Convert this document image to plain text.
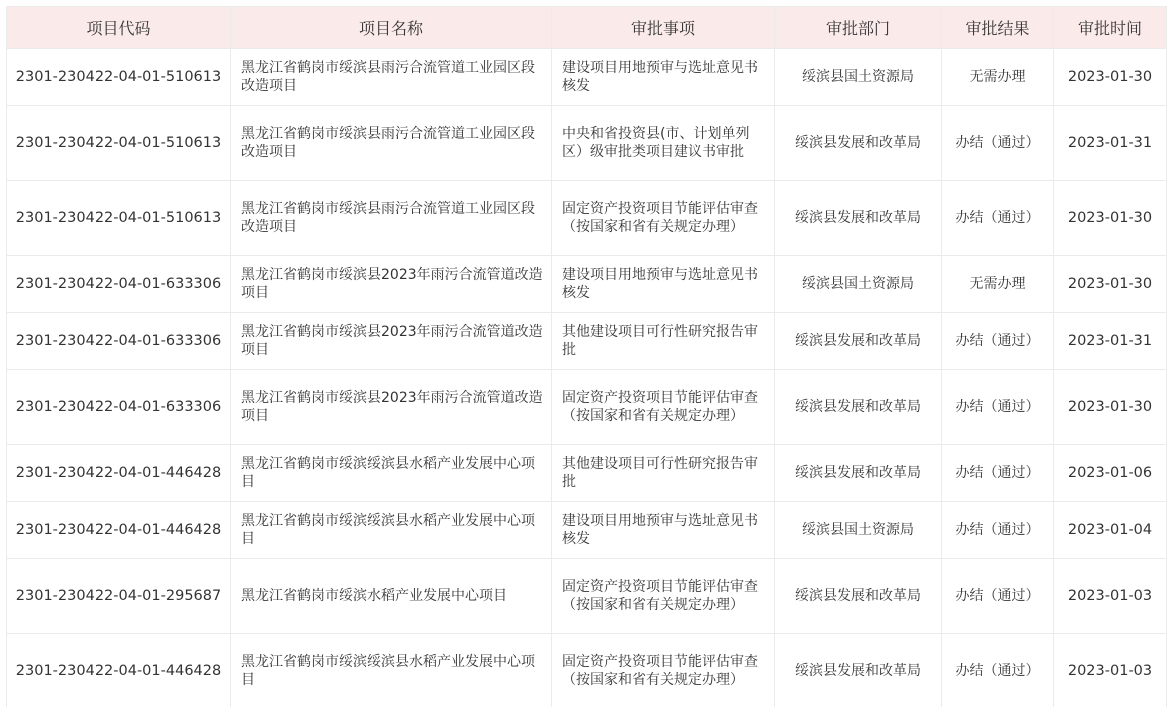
项目代码	项目名称	审批事项	审批部门	审批结果	审批时间
2301-230422-04-01-510613	黑龙江省鹤岗市绥滨县雨污合流管道工业园区段改造项目	建设项目用地预审与选址意见书核发	绥滨县国土资源局	无需办理	2023-01-30
2301-230422-04-01-510613	黑龙江省鹤岗市绥滨县雨污合流管道工业园区段改造项目	中央和省投资县(市、计划单列区）级审批类项目建议书审批	绥滨县发展和改革局	办结（通过）	2023-01-31
2301-230422-04-01-510613	黑龙江省鹤岗市绥滨县雨污合流管道工业园区段改造项目	固定资产投资项目节能评估审查（按国家和省有关规定办理）	绥滨县发展和改革局	办结（通过）	2023-01-30
2301-230422-04-01-633306	黑龙江省鹤岗市绥滨县2023年雨污合流管道改造项目	建设项目用地预审与选址意见书核发	绥滨县国土资源局	无需办理	2023-01-30
2301-230422-04-01-633306	黑龙江省鹤岗市绥滨县2023年雨污合流管道改造项目	其他建设项目可行性研究报告审批	绥滨县发展和改革局	办结（通过）	2023-01-31
2301-230422-04-01-633306	黑龙江省鹤岗市绥滨县2023年雨污合流管道改造项目	固定资产投资项目节能评估审查（按国家和省有关规定办理）	绥滨县发展和改革局	办结（通过）	2023-01-30
2301-230422-04-01-446428	黑龙江省鹤岗市绥滨绥滨县水稻产业发展中心项目	其他建设项目可行性研究报告审批	绥滨县发展和改革局	办结（通过）	2023-01-06
2301-230422-04-01-446428	黑龙江省鹤岗市绥滨绥滨县水稻产业发展中心项目	建设项目用地预审与选址意见书核发	绥滨县国土资源局	办结（通过）	2023-01-04
2301-230422-04-01-295687	黑龙江省鹤岗市绥滨水稻产业发展中心项目	固定资产投资项目节能评估审查（按国家和省有关规定办理）	绥滨县发展和改革局	办结（通过）	2023-01-03
2301-230422-04-01-446428	黑龙江省鹤岗市绥滨绥滨县水稻产业发展中心项目	固定资产投资项目节能评估审查（按国家和省有关规定办理）	绥滨县发展和改革局	办结（通过）	2023-01-03
